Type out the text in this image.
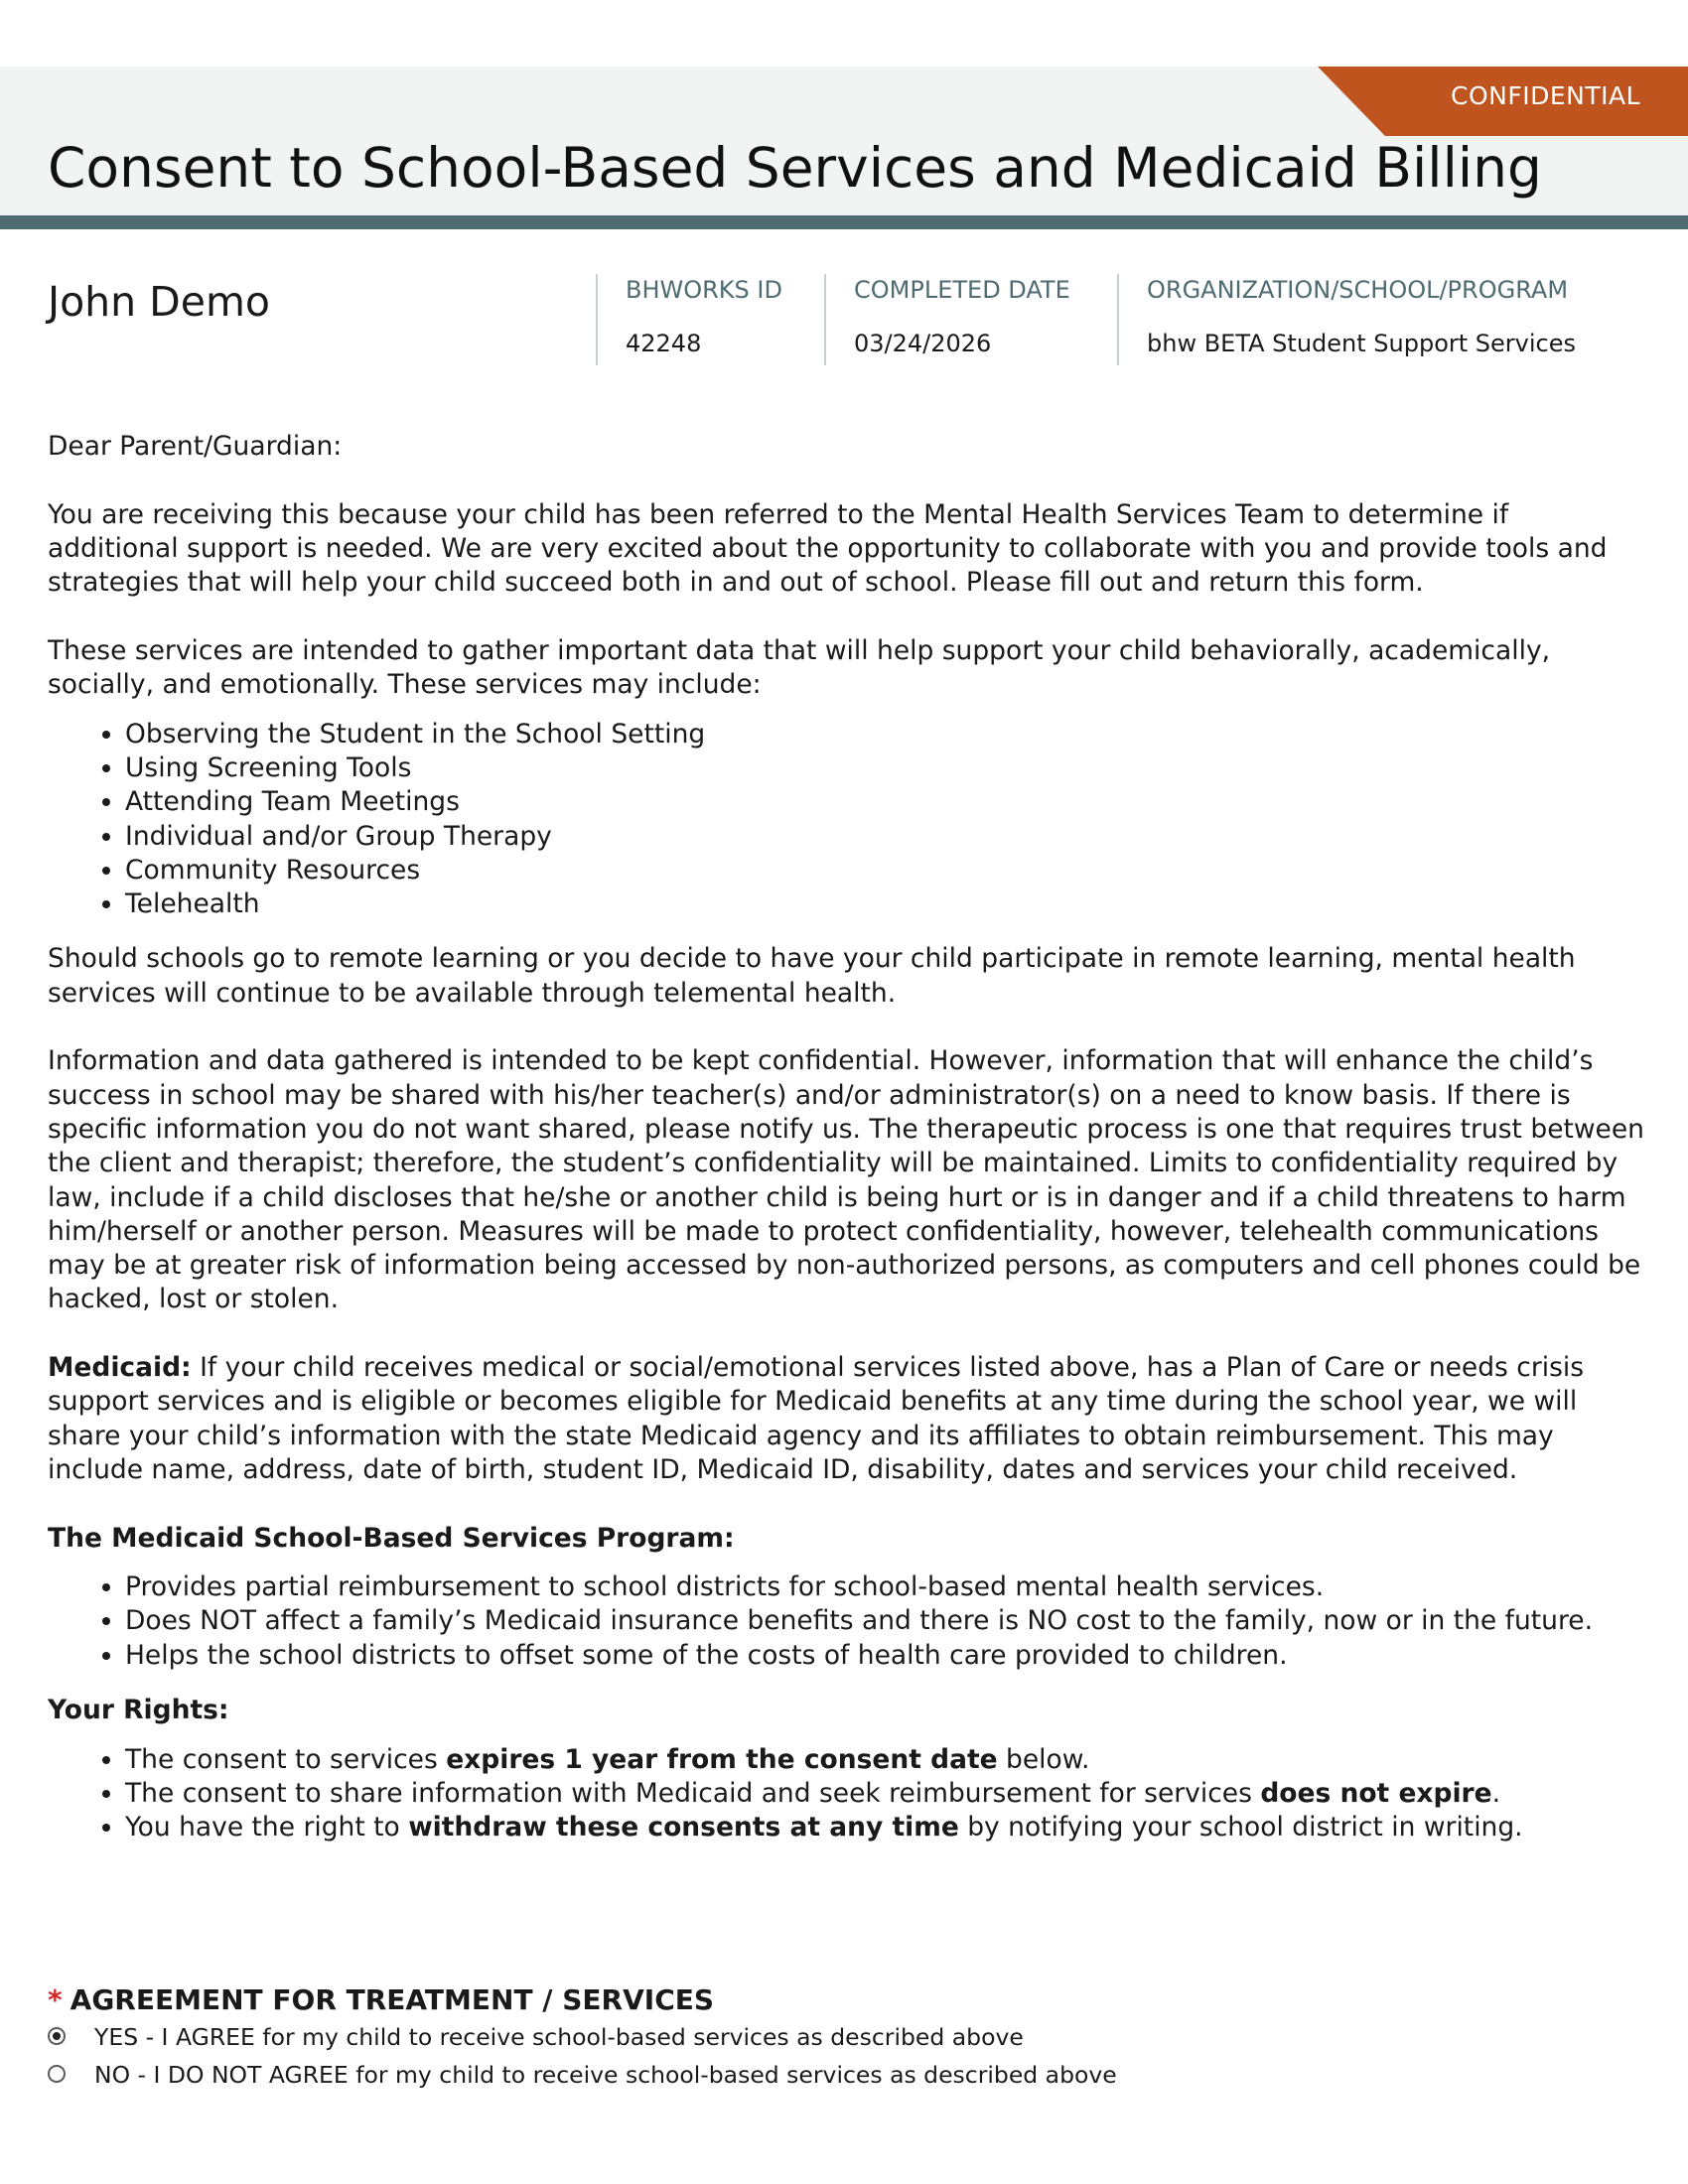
CONFIDENTIAL
Consent to School-Based Services and Medicaid Billing
John Demo	BHWORKS ID
42248
COMPLETED DATE
03/24/2026
ORGANIZATION/SCHOOL/PROGRAM
bhw BETA Student Support Services

Dear Parent/Guardian:

You are receiving this because your child has been referred to the Mental Health Services Team to determine if additional support is needed. We are very excited about the opportunity to collaborate with you and provide tools and strategies that will help your child succeed both in and out of school. Please fill out and return this form.

These services are intended to gather important data that will help support your child behaviorally, academically, socially, and emotionally. These services may include:

• Observing the Student in the School Setting
• Using Screening Tools
• Attending Team Meetings
• Individual and/or Group Therapy
• Community Resources
• Telehealth

Should schools go to remote learning or you decide to have your child participate in remote learning, mental health services will continue to be available through telemental health.

Information and data gathered is intended to be kept confidential. However, information that will enhance the child’s success in school may be shared with his/her teacher(s) and/or administrator(s) on a need to know basis. If there is specific information you do not want shared, please notify us. The therapeutic process is one that requires trust between the client and therapist; therefore, the student’s confidentiality will be maintained. Limits to confidentiality required by law, include if a child discloses that he/she or another child is being hurt or is in danger and if a child threatens to harm him/herself or another person. Measures will be made to protect confidentiality, however, telehealth communications may be at greater risk of information being accessed by non-authorized persons, as computers and cell phones could be hacked, lost or stolen.

Medicaid: If your child receives medical or social/emotional services listed above, has a Plan of Care or needs crisis support services and is eligible or becomes eligible for Medicaid benefits at any time during the school year, we will share your child’s information with the state Medicaid agency and its affiliates to obtain reimbursement. This may include name, address, date of birth, student ID, Medicaid ID, disability, dates and services your child received.

The Medicaid School-Based Services Program:

• Provides partial reimbursement to school districts for school-based mental health services.
• Does NOT affect a family’s Medicaid insurance benefits and there is NO cost to the family, now or in the future.
• Helps the school districts to offset some of the costs of health care provided to children.

Your Rights:

• The consent to services expires 1 year from the consent date below.
• The consent to share information with Medicaid and seek reimbursement for services does not expire.
• You have the right to withdraw these consents at any time by notifying your school district in writing.
* AGREEMENT FOR TREATMENT / SERVICES
YES - I AGREE for my child to receive school-based services as described above
NO - I DO NOT AGREE for my child to receive school-based services as described above
